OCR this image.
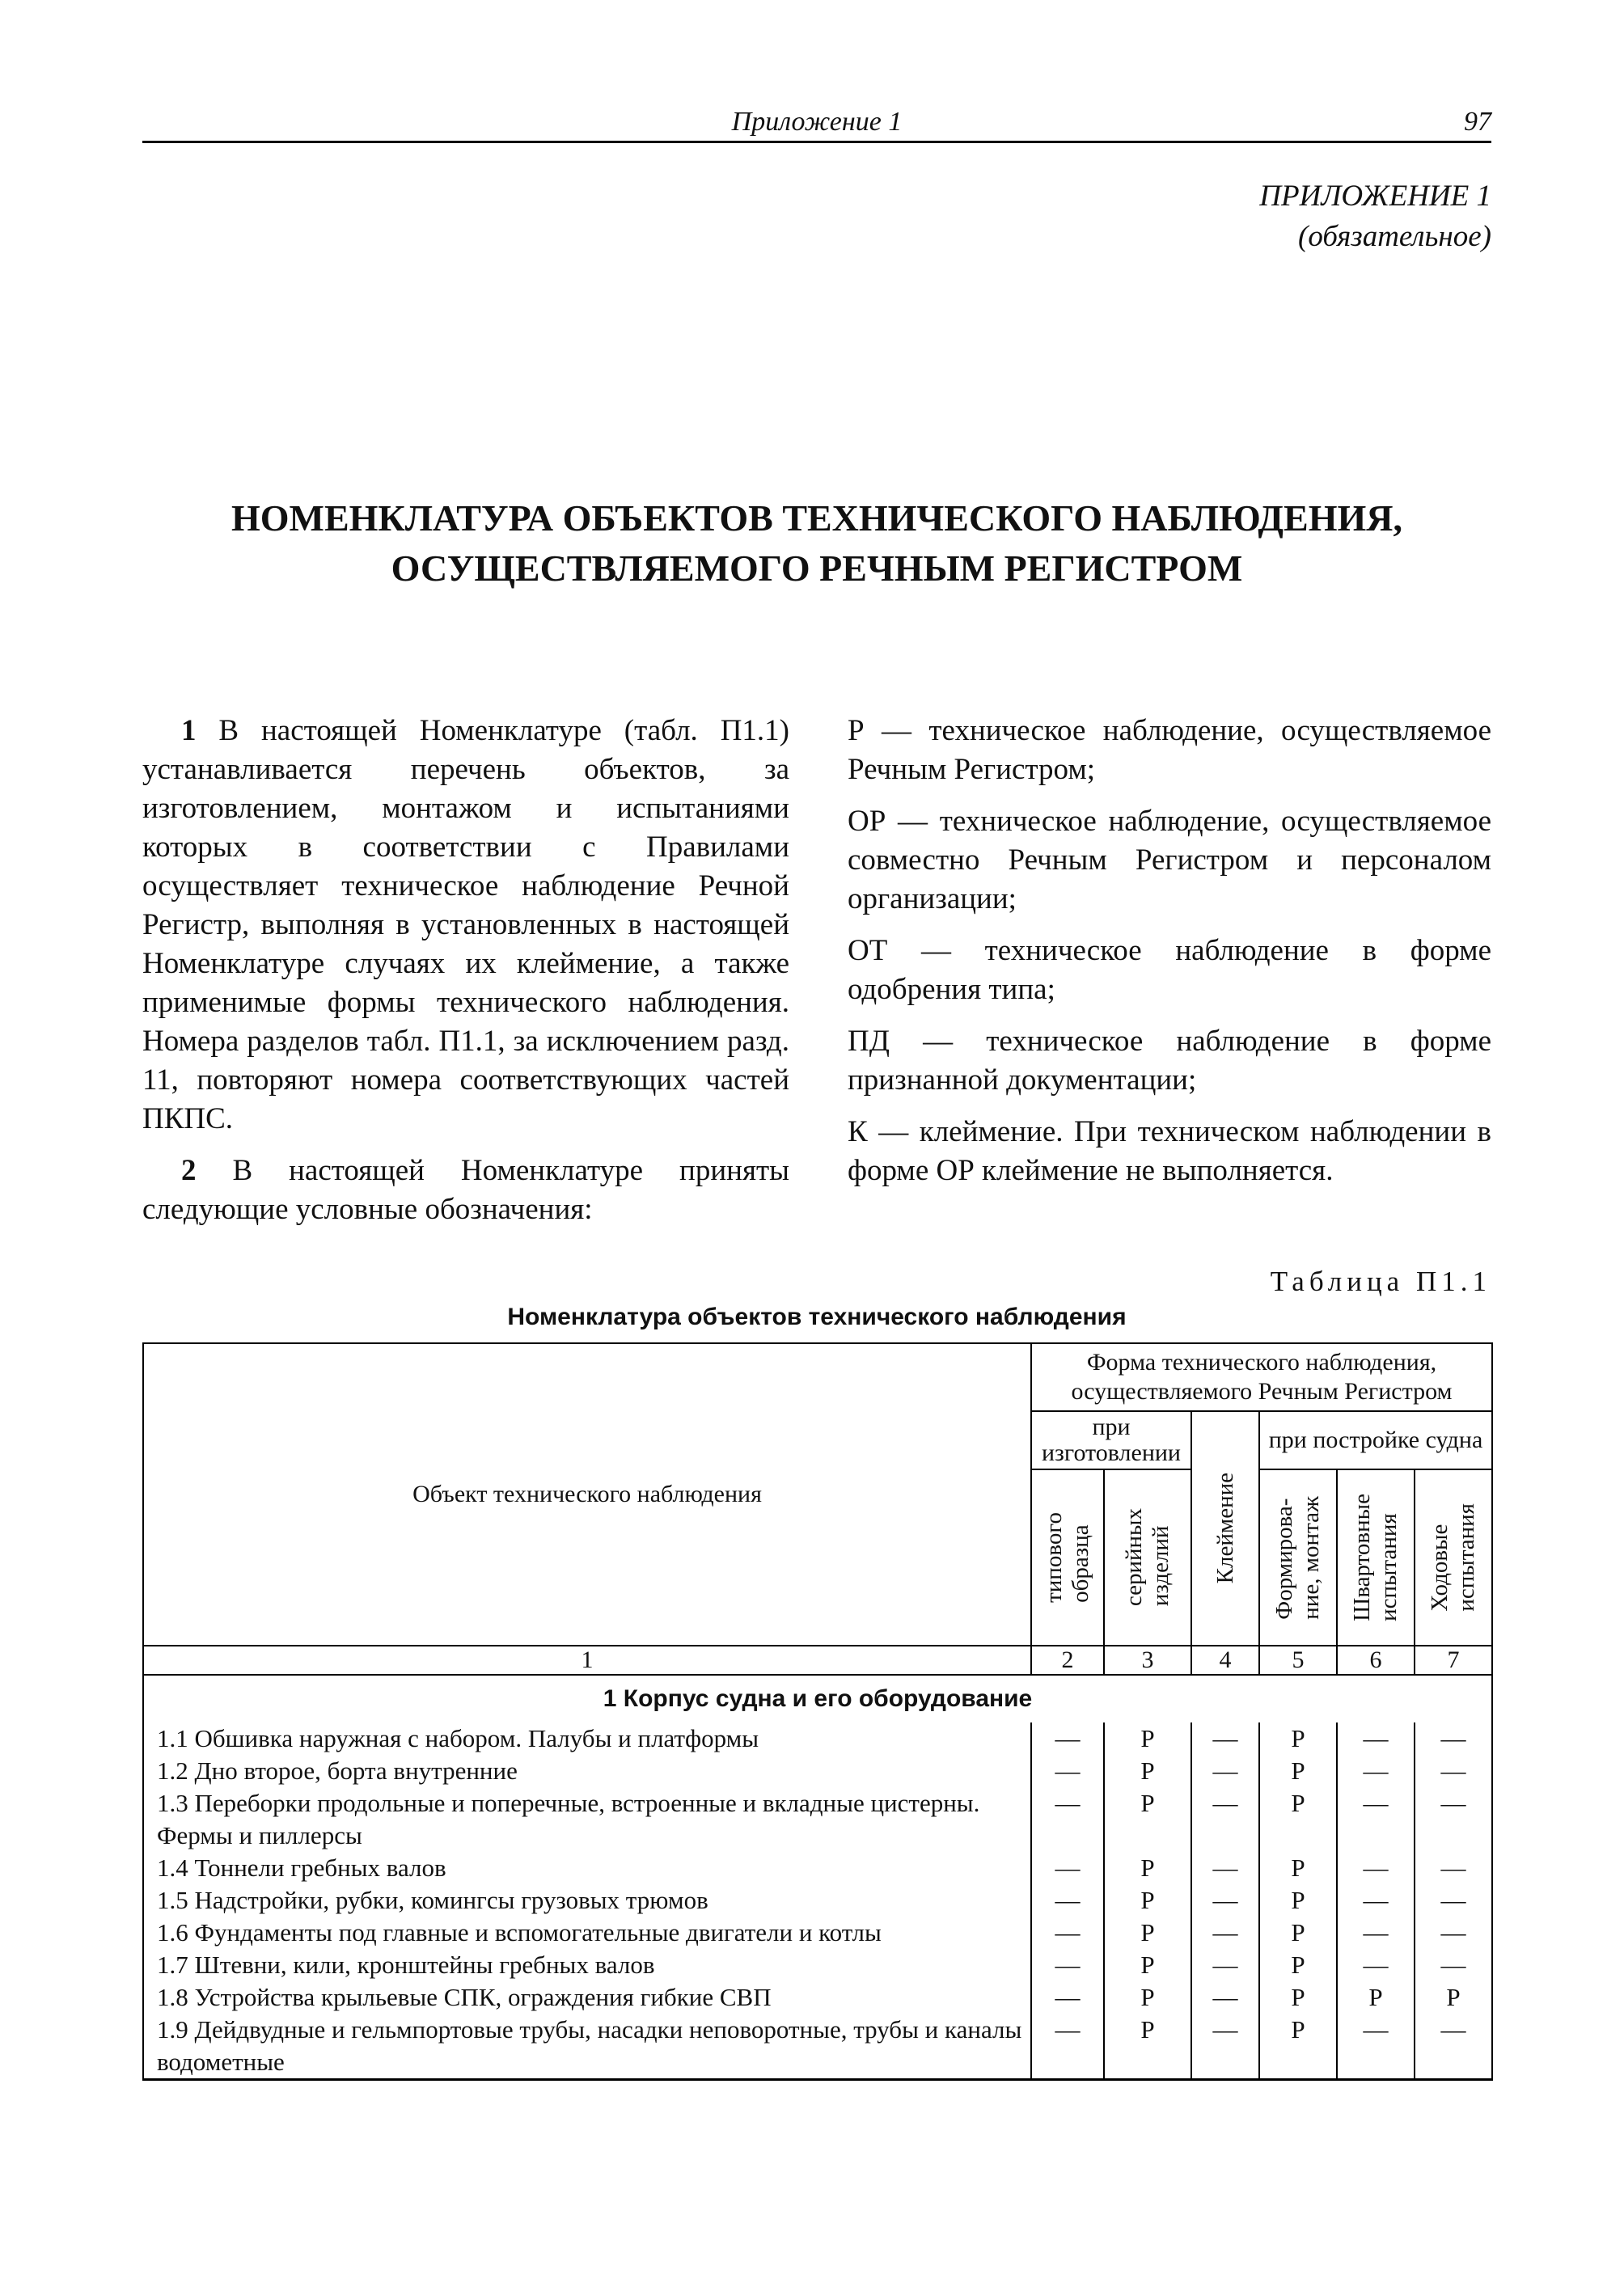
Приложение 1	97
ПРИЛОЖЕНИЕ 1
(обязательное)
НОМЕНКЛАТУРА ОБЪЕКТОВ ТЕХНИЧЕСКОГО НАБЛЮДЕНИЯ,
ОСУЩЕСТВЛЯЕМОГО РЕЧНЫМ РЕГИСТРОМ

1 В настоящей Номенклатуре (табл. П1.1) устанавливается перечень объектов, за изготовлением, монтажом и испытаниями которых в соответствии с Правилами осуществляет техническое наблюдение Речной Регистр, выполняя в установленных в настоящей Номенклатуре случаях их клеймение, а также применимые формы технического наблюдения. Номера разделов табл. П1.1, за исключением разд. 11, повторяют номера соответствующих частей ПКПС.

2 В настоящей Номенклатуре приняты следующие условные обозначения:

Р — техническое наблюдение, осуществляемое Речным Регистром;

ОР — техническое наблюдение, осуществляемое совместно Речным Регистром и персоналом организации;

ОТ — техническое наблюдение в форме одобрения типа;

ПД — техническое наблюдение в форме признанной документации;

К — клеймение. При техническом наблюдении в форме ОР клеймение не выполняется.

Таблица П1.1
Номенклатура объектов технического наблюдения
Объект технического наблюдения	Форма технического наблюдения, осуществляемого Речным Регистром					
	при изготовлении		Клеймение	при постройке судна		

	типового
образца	серийных
изделий		Формирова-
ние, монтаж	Швартовные
испытания	Ходовые
испытания

1	2	3	4	5	6	7
1 Корпус судна и его оборудование						
1.1 Обшивка наружная с набором. Палубы и платформы	—	Р	—	Р	—	—
1.2 Дно второе, борта внутренние	—	Р	—	Р	—	—
1.3 Переборки продольные и поперечные, встроенные и вкладные цистерны. Фермы и пиллерсы	—	Р	—	Р	—	—
1.4 Тоннели гребных валов	—	Р	—	Р	—	—
1.5 Надстройки, рубки, комингсы грузовых трюмов	—	Р	—	Р	—	—
1.6 Фундаменты под главные и вспомогательные двигатели и котлы	—	Р	—	Р	—	—
1.7 Штевни, кили, кронштейны гребных валов	—	Р	—	Р	—	—
1.8 Устройства крыльевые СПК, ограждения гибкие СВП	—	Р	—	Р	Р	Р
1.9 Дейдвудные и гельмпортовые трубы, насадки неповоротные, трубы и каналы водометные	—	Р	—	Р	—	—
